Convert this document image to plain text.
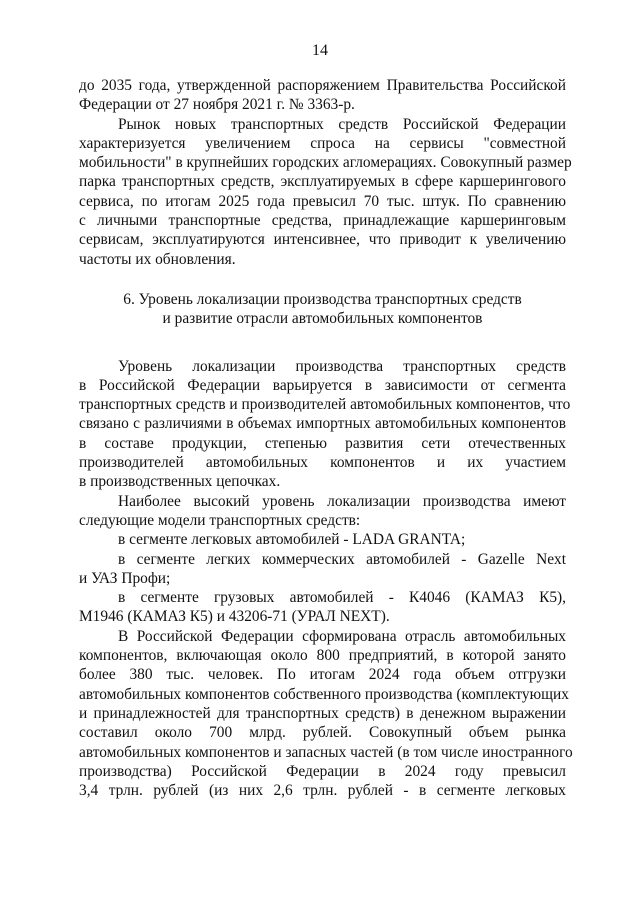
14
до 2035 года, утвержденной распоряжением Правительства Российской
Федерации от 27 ноября 2021 г. № 3363-р.
Рынок новых транспортных средств Российской Федерации
характеризуется увеличением спроса на сервисы "совместной
мобильности" в крупнейших городских агломерациях. Совокупный размер
парка транспортных средств, эксплуатируемых в сфере каршерингового
сервиса, по итогам 2025 года превысил 70 тыс. штук. По сравнению
с личными транспортные средства, принадлежащие каршеринговым
сервисам, эксплуатируются интенсивнее, что приводит к увеличению
частоты их обновления.
6. Уровень локализации производства транспортных средств
и развитие отрасли автомобильных компонентов
Уровень локализации производства транспортных средств
в Российской Федерации варьируется в зависимости от сегмента
транспортных средств и производителей автомобильных компонентов, что
связано с различиями в объемах импортных автомобильных компонентов
в составе продукции, степенью развития сети отечественных
производителей автомобильных компонентов и их участием
в производственных цепочках.
Наиболее высокий уровень локализации производства имеют
следующие модели транспортных средств:
в сегменте легковых автомобилей - LADA GRANTA;
в сегменте легких коммерческих автомобилей - Gazelle Next
и УАЗ Профи;
в сегменте грузовых автомобилей - К4046 (КАМАЗ К5),
М1946 (КАМАЗ К5) и 43206-71 (УРАЛ NEXT).
В Российской Федерации сформирована отрасль автомобильных
компонентов, включающая около 800 предприятий, в которой занято
более 380 тыс. человек. По итогам 2024 года объем отгрузки
автомобильных компонентов собственного производства (комплектующих
и принадлежностей для транспортных средств) в денежном выражении
составил около 700 млрд. рублей. Совокупный объем рынка
автомобильных компонентов и запасных частей (в том числе иностранного
производства) Российской Федерации в 2024 году превысил
3,4 трлн. рублей (из них 2,6 трлн. рублей - в сегменте легковых
